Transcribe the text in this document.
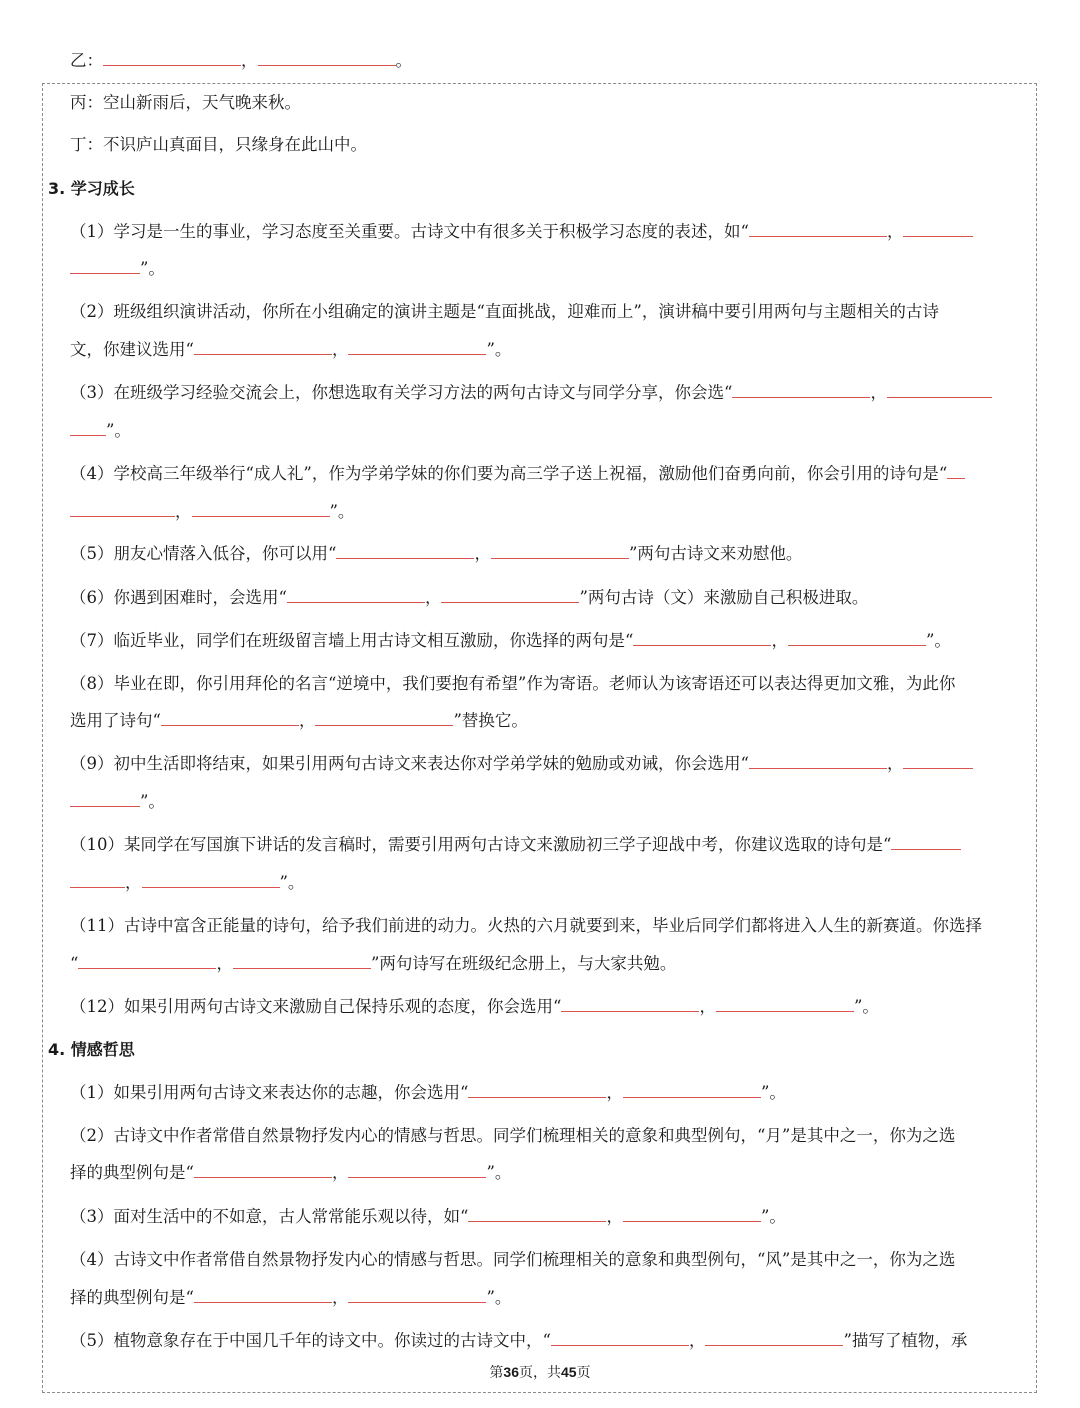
乙：	，	。
丙：空山新雨后，天气晚来秋。
丁：不识庐山真面目，只缘身在此山中。
3. 学习成长
（1）学习是一生的事业，学习态度至关重要。古诗文中有很多关于积极学习态度的表述，如“	，
”。
（2）班级组织演讲活动，你所在小组确定的演讲主题是“直面挑战，迎难而上”，演讲稿中要引用两句与主题相关的古诗
文，你建议选用“	，	”。
（3）在班级学习经验交流会上，你想选取有关学习方法的两句古诗文与同学分享，你会选“	，
”。
（4）学校高三年级举行“成人礼”，作为学弟学妹的你们要为高三学子送上祝福，激励他们奋勇向前，你会引用的诗句是“
，	”。
（5）朋友心情落入低谷，你可以用“	，	”两句古诗文来劝慰他。
（6）你遇到困难时，会选用“	，	”两句古诗（文）来激励自己积极进取。
（7）临近毕业，同学们在班级留言墙上用古诗文相互激励，你选择的两句是“	，	”。
（8）毕业在即，你引用拜伦的名言“逆境中，我们要抱有希望”作为寄语。老师认为该寄语还可以表达得更加文雅，为此你
选用了诗句“	，	”替换它。
（9）初中生活即将结束，如果引用两句古诗文来表达你对学弟学妹的勉励或劝诫，你会选用“	，
”。
（10）某同学在写国旗下讲话的发言稿时，需要引用两句古诗文来激励初三学子迎战中考，你建议选取的诗句是“
，	”。
（11）古诗中富含正能量的诗句，给予我们前进的动力。火热的六月就要到来，毕业后同学们都将进入人生的新赛道。你选择
“	，	”两句诗写在班级纪念册上，与大家共勉。
（12）如果引用两句古诗文来激励自己保持乐观的态度，你会选用“	，	”。
4. 情感哲思
（1）如果引用两句古诗文来表达你的志趣，你会选用“	，	”。
（2）古诗文中作者常借自然景物抒发内心的情感与哲思。同学们梳理相关的意象和典型例句，“月”是其中之一，你为之选
择的典型例句是“	，	”。
（3）面对生活中的不如意，古人常常能乐观以待，如“	，	”。
（4）古诗文中作者常借自然景物抒发内心的情感与哲思。同学们梳理相关的意象和典型例句，“风”是其中之一，你为之选
择的典型例句是“	，	”。
（5）植物意象存在于中国几千年的诗文中。你读过的古诗文中，“	，	”描写了植物，承
第36页，共45页
